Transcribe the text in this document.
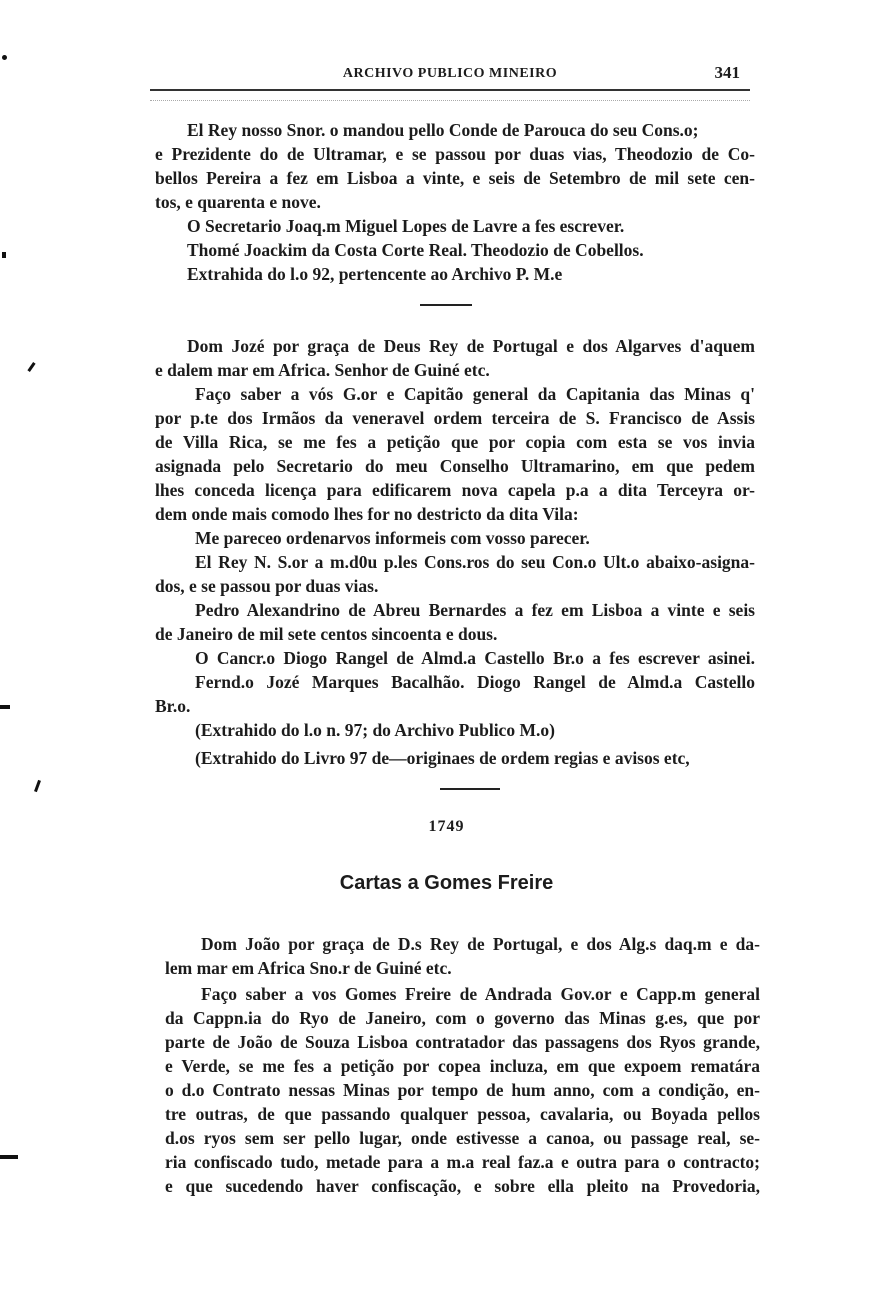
ARCHIVO PUBLICO MINEIRO	341
El Rey nosso Snor. o mandou pello Conde de Parouca do seu Cons.o;
e Prezidente do de Ultramar, e se passou por duas vias, Theodozio de Co-
bellos Pereira a fez em Lisboa a vinte, e seis de Setembro de mil sete cen-
tos, e quarenta e nove.
O Secretario Joaq.m Miguel Lopes de Lavre a fes escrever.
Thomé Joackim da Costa Corte Real. Theodozio de Cobellos.
Extrahida do l.o 92, pertencente ao Archivo P. M.e
Dom Jozé por graça de Deus Rey de Portugal e dos Algarves d'aquem
e dalem mar em Africa. Senhor de Guiné etc.
Faço saber a vós G.or e Capitão general da Capitania das Minas q'
por p.te dos Irmãos da veneravel ordem terceira de S. Francisco de Assis
de Villa Rica, se me fes a petição que por copia com esta se vos invia
asignada pelo Secretario do meu Conselho Ultramarino, em que pedem
lhes conceda licença para edificarem nova capela p.a a dita Terceyra or-
dem onde mais comodo lhes for no destricto da dita Vila:
Me pareceo ordenarvos informeis com vosso parecer.
El Rey N. S.or a m.d0u p.les Cons.ros do seu Con.o Ult.o abaixo-asigna-
dos, e se passou por duas vias.
Pedro Alexandrino de Abreu Bernardes a fez em Lisboa a vinte e seis
de Janeiro de mil sete centos sincoenta e dous.
O Cancr.o Diogo Rangel de Almd.a Castello Br.o a fes escrever asinei.
Fernd.o Jozé Marques Bacalhão. Diogo Rangel de Almd.a Castello
Br.o.
(Extrahido do l.o n. 97; do Archivo Publico M.o)
(Extrahido do Livro 97 de—originaes de ordem regias e avisos etc,
1749
Cartas a Gomes Freire
Dom João por graça de D.s Rey de Portugal, e dos Alg.s daq.m e da-
lem mar em Africa Sno.r de Guiné etc.
Faço saber a vos Gomes Freire de Andrada Gov.or e Capp.m general
da Cappn.ia do Ryo de Janeiro, com o governo das Minas g.es, que por
parte de João de Souza Lisboa contratador das passagens dos Ryos grande,
e Verde, se me fes a petição por copea incluza, em que expoem rematára
o d.o Contrato nessas Minas por tempo de hum anno, com a condição, en-
tre outras, de que passando qualquer pessoa, cavalaria, ou Boyada pellos
d.os ryos sem ser pello lugar, onde estivesse a canoa, ou passage real, se-
ria confiscado tudo, metade para a m.a real faz.a e outra para o contracto;
e que sucedendo haver confiscação, e sobre ella pleito na Provedoria,
